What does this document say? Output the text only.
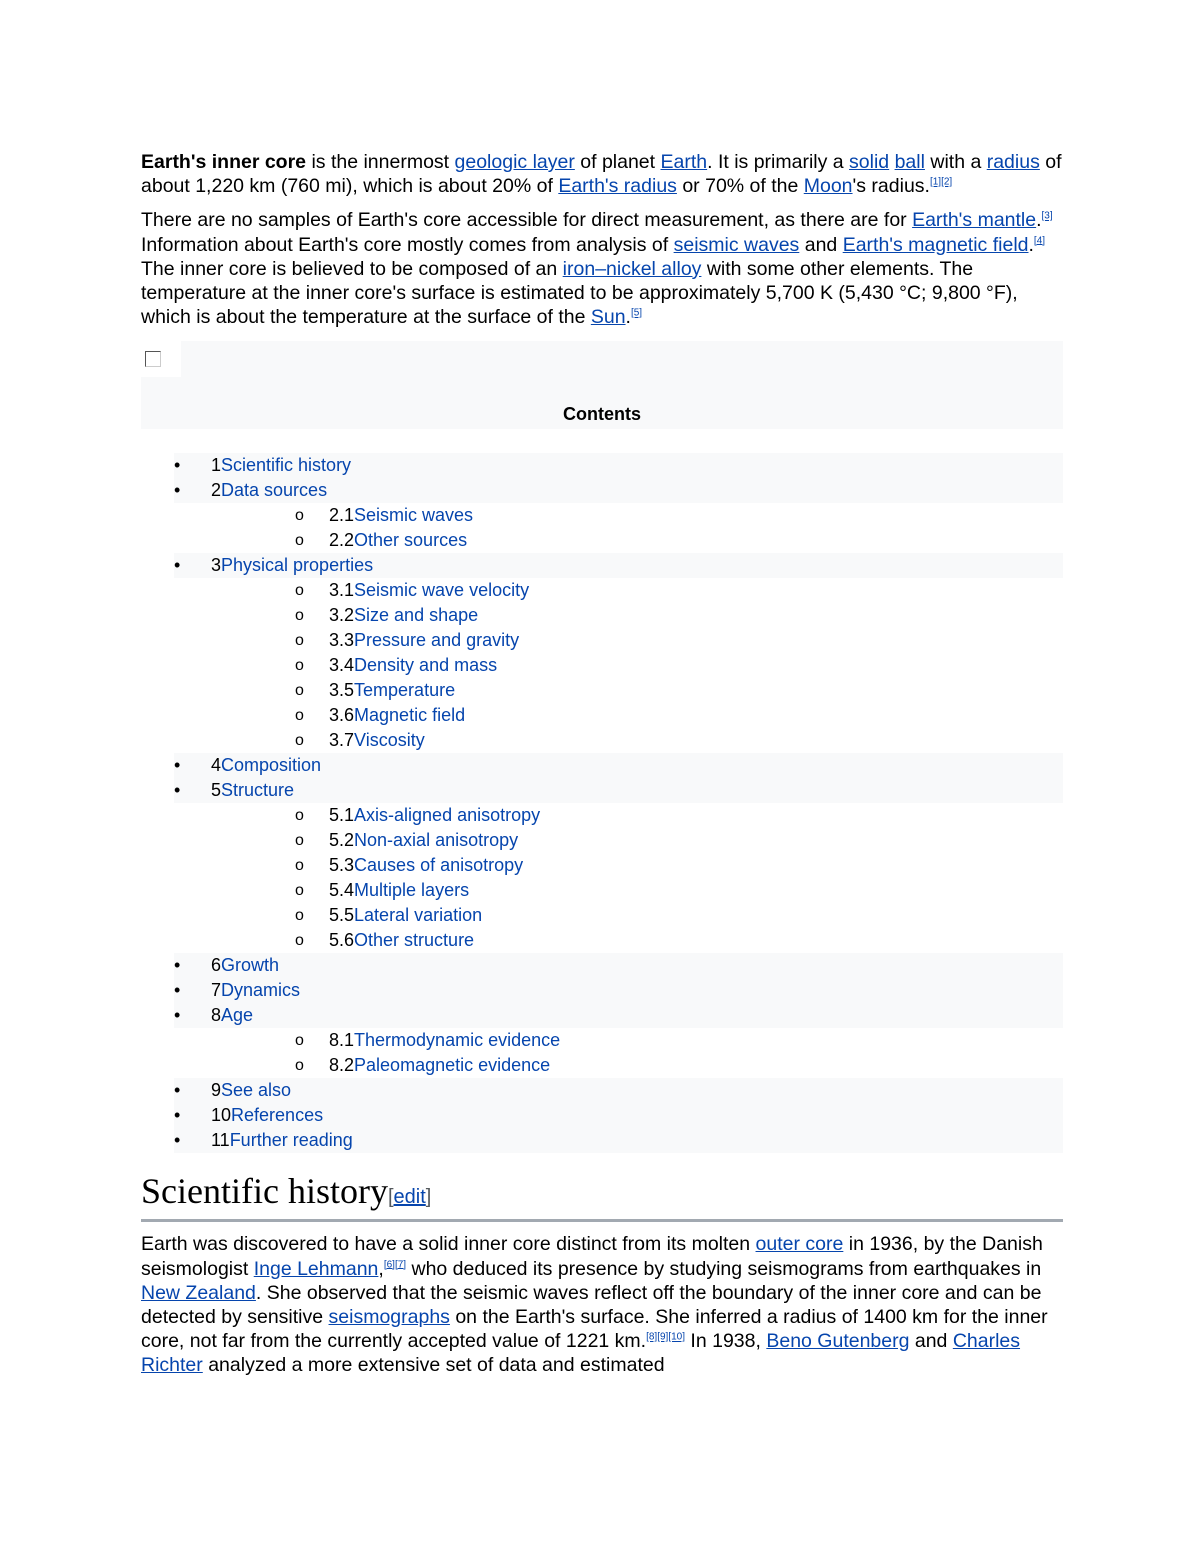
Earth's inner core is the innermost geologic layer of planet Earth. It is primarily a solid ball with a radius of about 1,220 km (760 mi), which is about 20% of Earth's radius or 70% of the Moon's radius.[1][2]

There are no samples of Earth's core accessible for direct measurement, as there are for Earth's mantle.[3] Information about Earth's core mostly comes from analysis of seismic waves and Earth's magnetic field.[4] The inner core is believed to be composed of an iron–nickel alloy with some other elements. The temperature at the inner core's surface is estimated to be approximately 5,700 K (5,430 °C; 9,800 °F), which is about the temperature at the surface of the Sun.[5]

Contents
•	1Scientific history
•	2Data sources
o 2.1Seismic waves
o 2.2Other sources
•	3Physical properties
o 3.1Seismic wave velocity
o 3.2Size and shape
o 3.3Pressure and gravity
o 3.4Density and mass
o 3.5Temperature
o 3.6Magnetic field
o 3.7Viscosity
•	4Composition
•	5Structure
o 5.1Axis-aligned anisotropy
o 5.2Non-axial anisotropy
o 5.3Causes of anisotropy
o 5.4Multiple layers
o 5.5Lateral variation
o 5.6Other structure
•	6Growth
•	7Dynamics
•	8Age
o 8.1Thermodynamic evidence
o 8.2Paleomagnetic evidence
•	9See also
•	10References
•	11Further reading
Scientific history[edit]

Earth was discovered to have a solid inner core distinct from its molten outer core in 1936, by the Danish seismologist Inge Lehmann,[6][7] who deduced its presence by studying seismograms from earthquakes in New Zealand. She observed that the seismic waves reflect off the boundary of the inner core and can be detected by sensitive seismographs on the Earth's surface. She inferred a radius of 1400 km for the inner core, not far from the currently accepted value of 1221 km.[8][9][10] In 1938, Beno Gutenberg and Charles Richter analyzed a more extensive set of data and estimated
